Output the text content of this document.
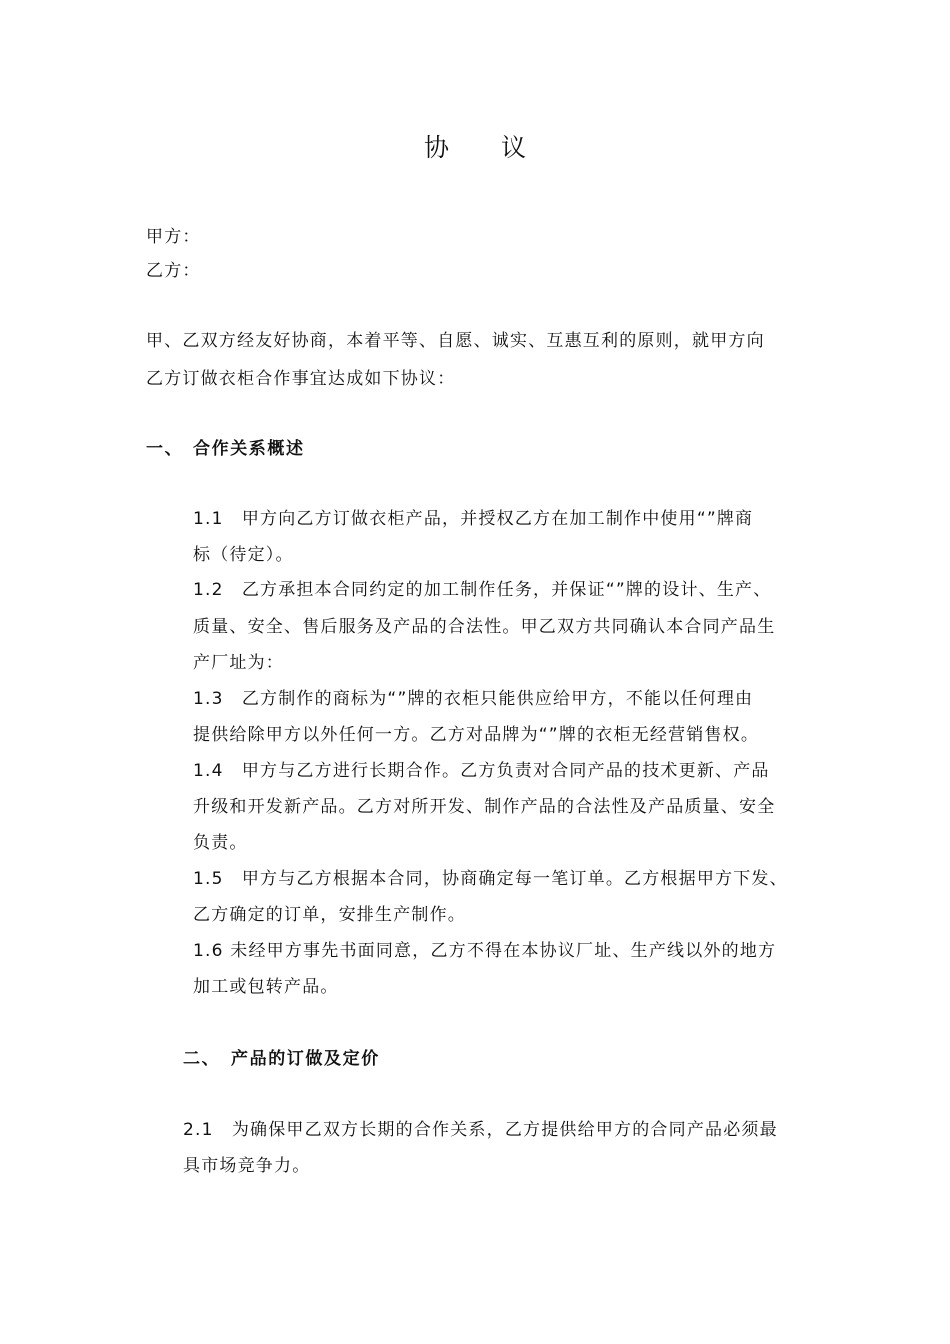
协 议
甲方：
乙方：
甲、乙双方经友好协商，本着平等、自愿、诚实、互惠互利的原则，就甲方向
乙方订做衣柜合作事宜达成如下协议：
一、 合作关系概述
1.1　甲方向乙方订做衣柜产品，并授权乙方在加工制作中使用“”牌商
标（待定）。
1.2　乙方承担本合同约定的加工制作任务，并保证“”牌的设计、生产、
质量、安全、售后服务及产品的合法性。甲乙双方共同确认本合同产品生
产厂址为：
1.3　乙方制作的商标为“”牌的衣柜只能供应给甲方，不能以任何理由
提供给除甲方以外任何一方。乙方对品牌为“”牌的衣柜无经营销售权。
1.4　甲方与乙方进行长期合作。乙方负责对合同产品的技术更新、产品
升级和开发新产品。乙方对所开发、制作产品的合法性及产品质量、安全
负责。
1.5　甲方与乙方根据本合同，协商确定每一笔订单。乙方根据甲方下发、
乙方确定的订单，安排生产制作。
1.6 未经甲方事先书面同意，乙方不得在本协议厂址、生产线以外的地方
加工或包转产品。
二、 产品的订做及定价
2.1　为确保甲乙双方长期的合作关系，乙方提供给甲方的合同产品必须最
具市场竞争力。
